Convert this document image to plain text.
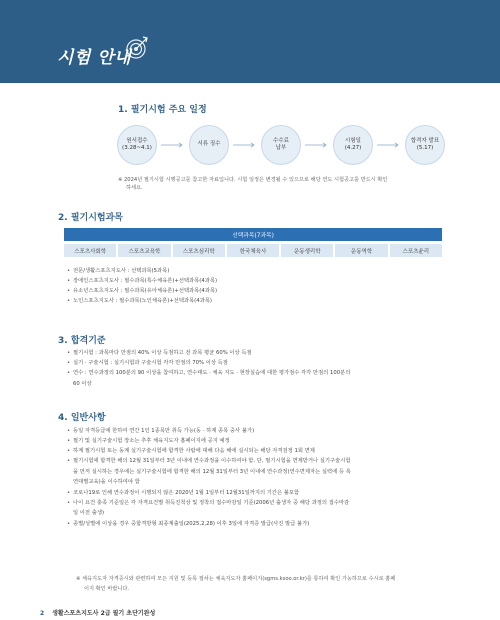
시험 안내
1. 필기시험 주요 일정
원서접수
(3.28~4.1)
서류 징수
수수료
납부
시험일
(4.27)
합격자 발표
(5.17)
※ 2024년 필기시험 시행공고를 참고한 자료입니다. 시험 일정은 변경될 수 있으므로 해당 연도 시험공고를 반드시 확인
하세요.
2. 필기시험과목
선택과목(7과목)
스포츠사회학	스포츠교육학	스포츠심리학	한국체육사	운동생리학	운동역학	스포츠윤리
• 전문/생활스포츠지도사 : 선택과목(5과목)
• 장애인스포츠지도사 : 필수과목(특수체육론)+선택과목(4과목)
• 유소년스포츠지도사 : 필수과목(유아체육론)+선택과목(4과목)
• 노인스포츠지도사 : 필수과목(노인체육론)+선택과목(4과목)
3. 합격기준
• 필기시험 : 과목마다 만점의 40% 이상 득점하고 전 과목 평균 60% 이상 득점
• 실기 · 구술시험 : 실기시험과 구술시험 각각 만점의 70% 이상 득점
• 연수 : 연수과정의 100분의 90 이상을 참여하고, 연수태도 · 체육 지도 · 현장실습에 대한 평가점수 각각 만점의 100분의
60 이상
4. 일반사항
• 동일 자격등급에 한하여 연간 1인 1종목만 취득 가능(동 · 하계 종목 중사 불가)
• 필기 및 실기구술시험 장소는 추후 체육지도자 홈페이지에 공지 예정
• 하계 필기시험 또는 동계 실기구술시험에 합격한 사람에 대해 다음 해에 실시되는 해당 자격검정 1회 면제
• 필기시험에 합격한 해의 12월 31일부터 3년 이내에 연수과정을 이수하여야 함. 단, 필기시험을 면제받거나 실기구술시험
을 먼저 실시하는 경우에는 실기구술시험에 합격한 해의 12월 31일부터 3년 이내에 연수과정(연수면제자는 실력에 등 록
연대별교육)을 이수하여야 함
• 코로나19로 인해 연수과정이 시행되지 않은 2020년 1월 1일부터 12월31일까지의 기간은 불포함
• 나이 요건 충족 기준일은 각 자격요건별 취득진척상 및 정착의 접수마감일 기준(2006년 출생자 중 해당 과정의 접수마감
일 이전 출생)
• 종별/성별에 이상을 경우 중합격방형 최종계출일(2025,2,28) 이후 3일에 자격증 발급(사진 발급 불가)
※ 체육지도자 자격증시와 관련하여 모든 지원 및 등록 절차는 체육지도자 홈페이지(sgms.ksoo.or.kr)를 통하여 확인 가능하므로 수시로 홈페
이지 확인 바랍니다.
2 생활스포츠지도사 2급 필기 초단기완성
